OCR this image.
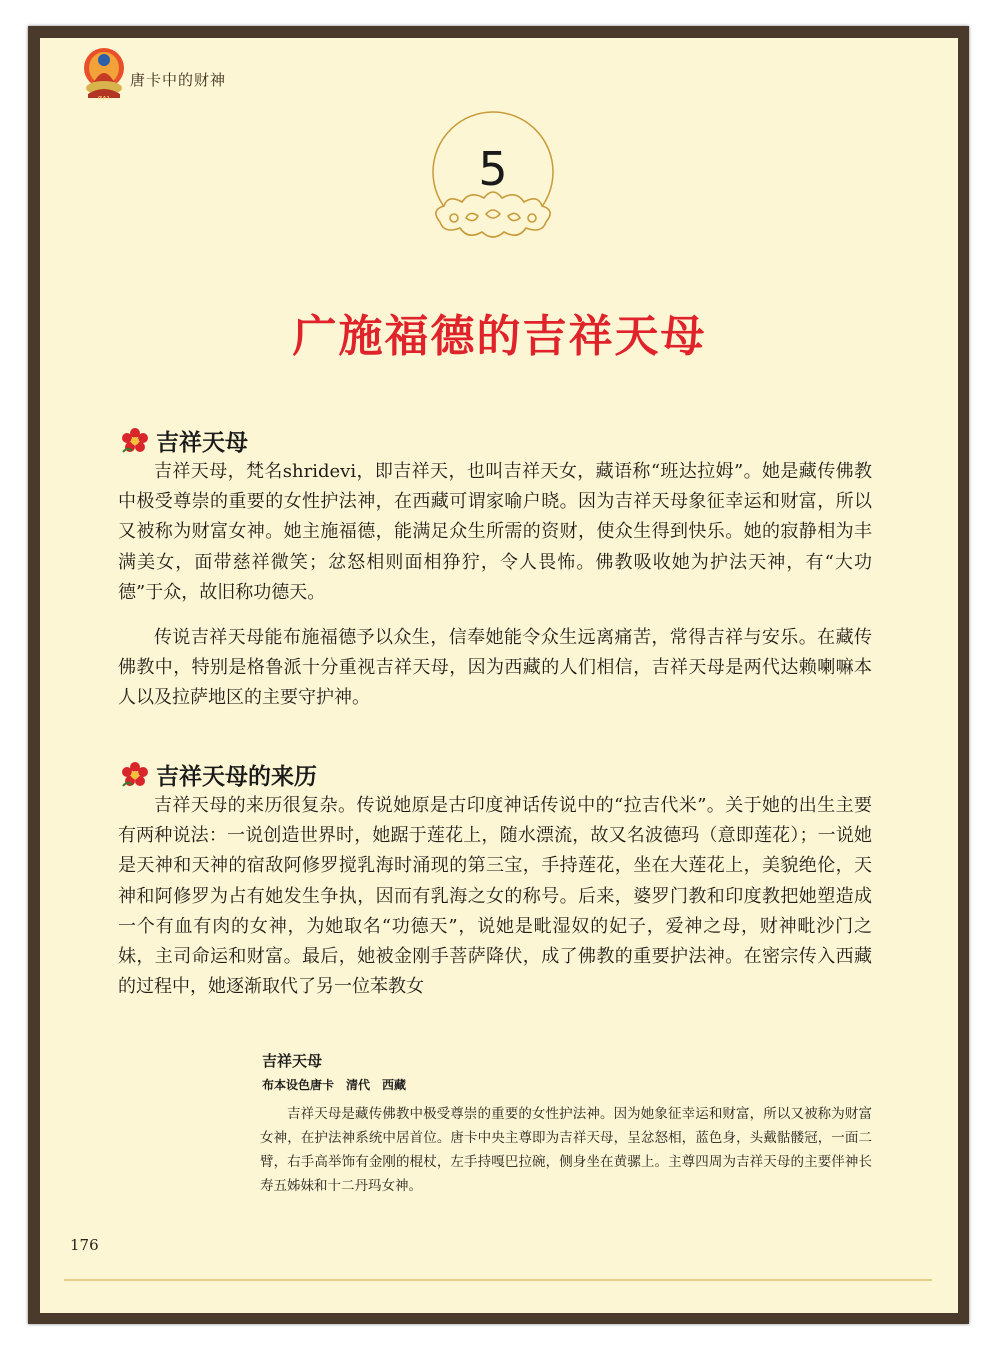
ɞʌɿ
唐卡中的财神
5
广施福德的吉祥天母
吉祥天母

吉祥天母，梵名shridevi，即吉祥天，也叫吉祥天女，藏语称“班达拉姆”。她是藏传佛教中极受尊崇的重要的女性护法神，在西藏可谓家喻户晓。因为吉祥天母象征幸运和财富，所以又被称为财富女神。她主施福德，能满足众生所需的资财，使众生得到快乐。她的寂静相为丰满美女，面带慈祥微笑；忿怒相则面相狰狞，令人畏怖。佛教吸收她为护法天神，有“大功德”于众，故旧称功德天。

传说吉祥天母能布施福德予以众生，信奉她能令众生远离痛苦，常得吉祥与安乐。在藏传佛教中，特别是格鲁派十分重视吉祥天母，因为西藏的人们相信，吉祥天母是两代达赖喇嘛本人以及拉萨地区的主要守护神。

吉祥天母的来历

吉祥天母的来历很复杂。传说她原是古印度神话传说中的“拉吉代米”。关于她的出生主要有两种说法：一说创造世界时，她踞于莲花上，随水漂流，故又名波德玛（意即莲花）；一说她是天神和天神的宿敌阿修罗搅乳海时涌现的第三宝，手持莲花，坐在大莲花上，美貌绝伦，天神和阿修罗为占有她发生争执，因而有乳海之女的称号。后来，婆罗门教和印度教把她塑造成一个有血有肉的女神，为她取名“功德天”，说她是毗湿奴的妃子，爱神之母，财神毗沙门之妹，主司命运和财富。最后，她被金刚手菩萨降伏，成了佛教的重要护法神。在密宗传入西藏的过程中，她逐渐取代了另一位苯教女

吉祥天母
布本设色唐卡　清代　西藏

吉祥天母是藏传佛教中极受尊崇的重要的女性护法神。因为她象征幸运和财富，所以又被称为财富女神，在护法神系统中居首位。唐卡中央主尊即为吉祥天母，呈忿怒相，蓝色身，头戴骷髅冠，一面二臂，右手高举饰有金刚的棍杖，左手持嘎巴拉碗，侧身坐在黄骡上。主尊四周为吉祥天母的主要伴神长寿五姊妹和十二丹玛女神。

176
